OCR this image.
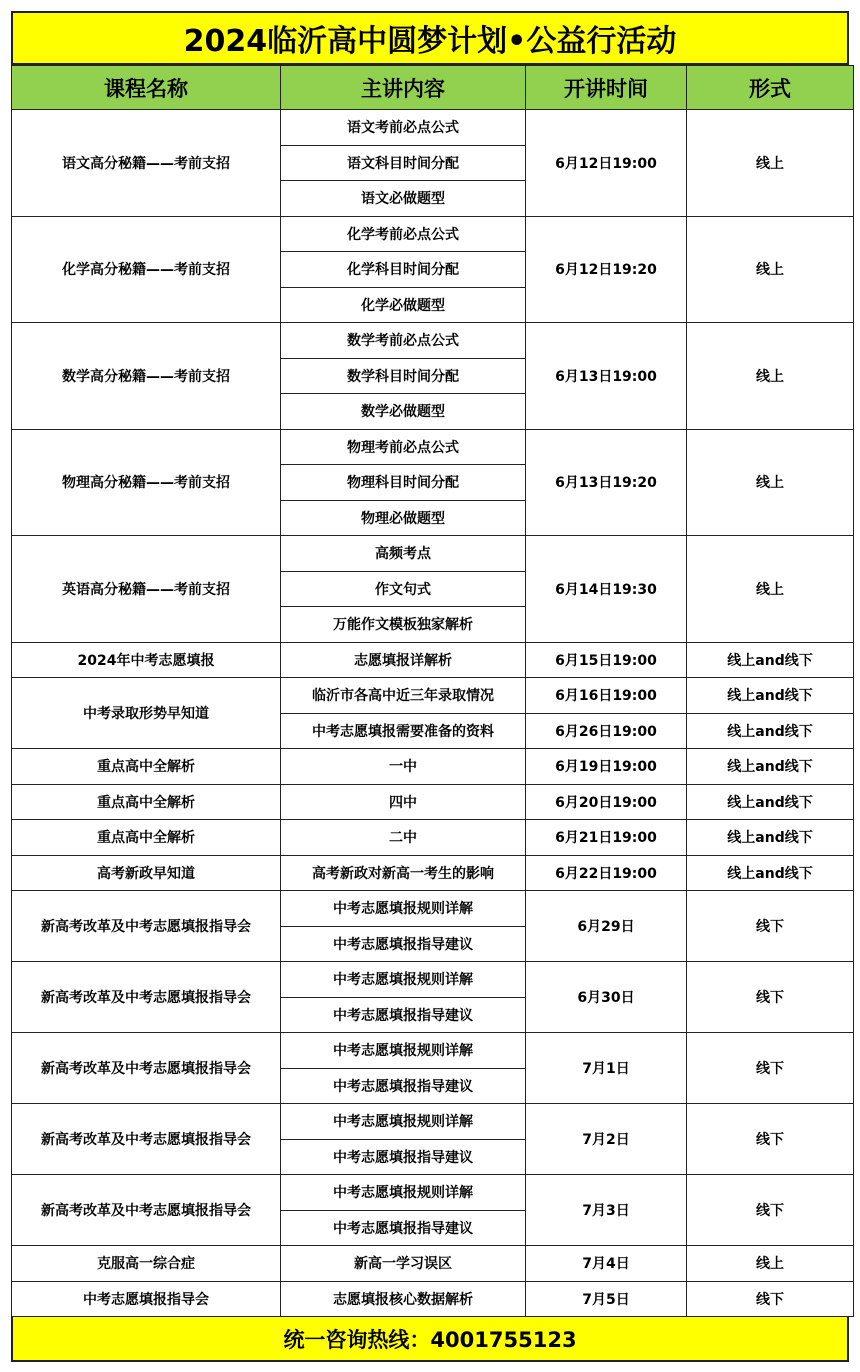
2024临沂高中圆梦计划•公益行活动
课程名称	主讲内容	开讲时间	形式
语文高分秘籍——考前支招	语文考前必点公式	6月12日19:00	线上
	语文科目时间分配		
	语文必做题型		
化学高分秘籍——考前支招	化学考前必点公式	6月12日19:20	线上
	化学科目时间分配		
	化学必做题型		
数学高分秘籍——考前支招	数学考前必点公式	6月13日19:00	线上
	数学科目时间分配		
	数学必做题型		
物理高分秘籍——考前支招	物理考前必点公式	6月13日19:20	线上
	物理科目时间分配		
	物理必做题型		
英语高分秘籍——考前支招	高频考点	6月14日19:30	线上
	作文句式		
	万能作文模板独家解析		
2024年中考志愿填报	志愿填报详解析	6月15日19:00	线上and线下
中考录取形势早知道	临沂市各高中近三年录取情况	6月16日19:00	线上and线下
	中考志愿填报需要准备的资料	6月26日19:00	线上and线下
重点高中全解析	一中	6月19日19:00	线上and线下
重点高中全解析	四中	6月20日19:00	线上and线下
重点高中全解析	二中	6月21日19:00	线上and线下
高考新政早知道	高考新政对新高一考生的影响	6月22日19:00	线上and线下
新高考改革及中考志愿填报指导会	中考志愿填报规则详解	6月29日	线下
	中考志愿填报指导建议		
新高考改革及中考志愿填报指导会	中考志愿填报规则详解	6月30日	线下
	中考志愿填报指导建议		
新高考改革及中考志愿填报指导会	中考志愿填报规则详解	7月1日	线下
	中考志愿填报指导建议		
新高考改革及中考志愿填报指导会	中考志愿填报规则详解	7月2日	线下
	中考志愿填报指导建议		
新高考改革及中考志愿填报指导会	中考志愿填报规则详解	7月3日	线下
	中考志愿填报指导建议		
克服高一综合症	新高一学习误区	7月4日	线上
中考志愿填报指导会	志愿填报核心数据解析	7月5日	线下
统一咨询热线：4001755123
